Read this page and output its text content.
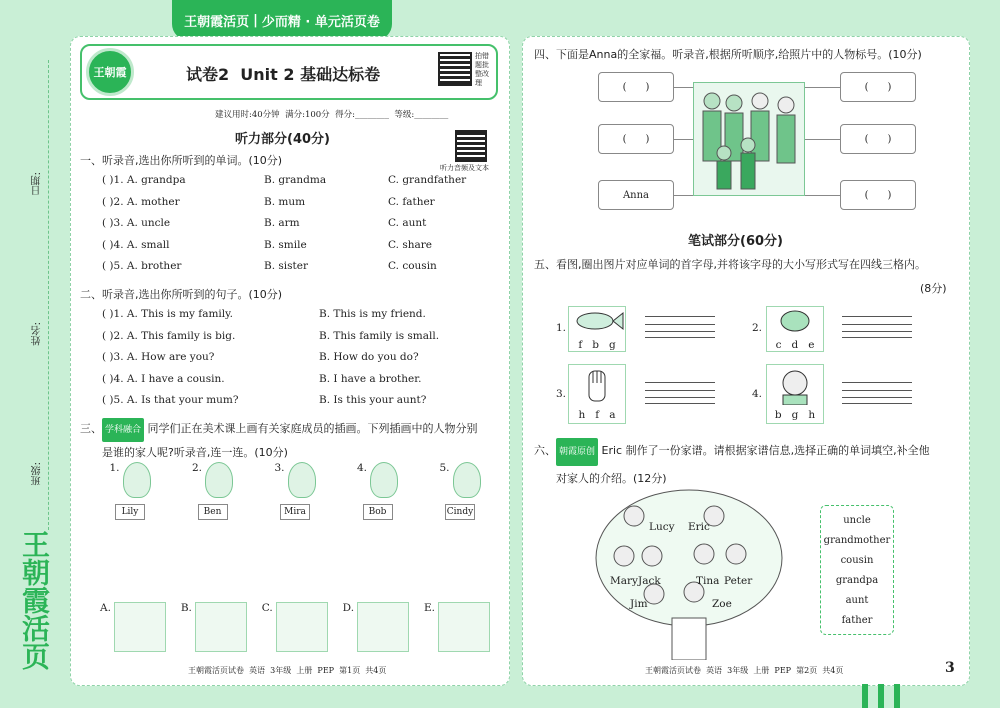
日期:
姓名:
班级:
王朝霞活页
王朝霞活页 | 少而精 · 单元活页卷
王朝霞	试卷2  Unit 2 基础达标卷
拍错题批整改理
建议用时:40分钟  满分:100分  得分:________  等级:________
听力部分(40分)
听力音频及文本
一、听录音,选出你所听到的单词。(10分)
( )1. A. grandpa	B. grandma	C. grandfather
( )2. A. mother	B. mum	C. father
( )3. A. uncle	B. arm	C. aunt
( )4. A. small	B. smile	C. share
( )5. A. brother	B. sister	C. cousin
二、听录音,选出你所听到的句子。(10分)
( )1. A. This is my family.	B. This is my friend.
( )2. A. This family is big.	B. This family is small.
( )3. A. How are you?	B. How do you do?
( )4. A. I have a cousin.	B. I have a brother.
( )5. A. Is that your mum?	B. Is this your aunt?
三、 学科融合 同学们正在美术课上画有关家庭成员的插画。下列插画中的人物分别
是谁的家人呢?听录音,连一连。(10分)
1.
Lily
2.
Ben
3.
Mira
4.
Bob
5.
Cindy
A.	B.	C.	D.	E.
王朝霞活页试卷  英语  3年级  上册  PEP  第1页  共4页
四、下面是Anna的全家福。听录音,根据所听顺序,给照片中的人物标号。(10分)
(      )
(      )
Anna
(      )
(      )
(      )
笔试部分(60分)
五、看图,圈出图片对应单词的首字母,并将该字母的大小写形式写在四线三格内。
(8分)
1.
f   b   g
2.
c   d   e
3.
h   f   a
4.
b   g   h
六、 朝霞原创 Eric 制作了一份家谱。请根据家谱信息,选择正确的单词填空,补全他
对家人的介绍。(12分)
Lucy Eric
Mary Jack	Tina Peter
Jim	Zoe
uncle
grandmother
cousin
grandpa
aunt
father
王朝霞活页试卷  英语  3年级  上册  PEP  第2页  共4页	3
